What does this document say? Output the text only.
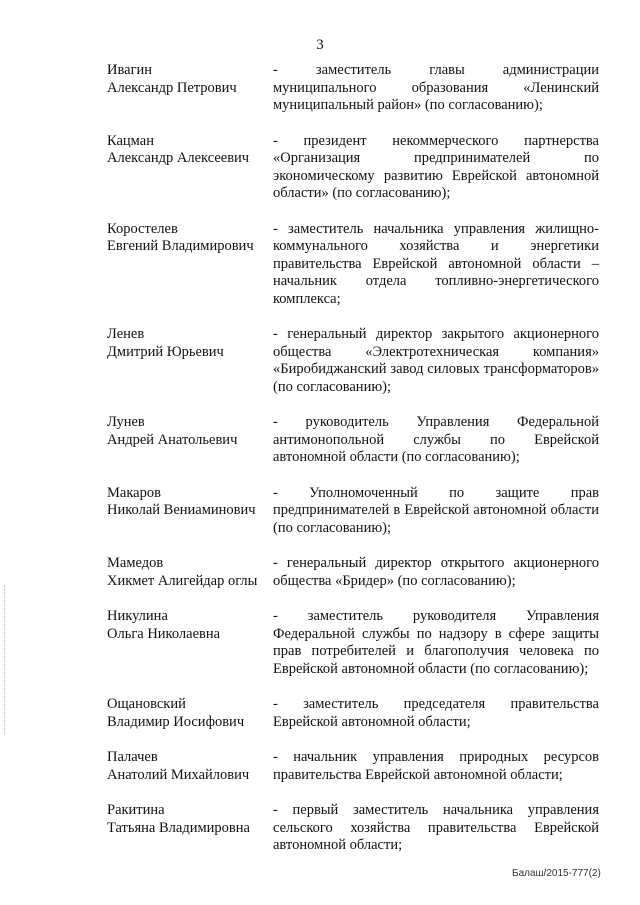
3
Ивагин
Александр Петрович
- заместитель главы администрации муниципального образования «Ленинский муниципальный район» (по согласованию);
Кацман
Александр Алексеевич
- президент некоммерческого партнерства «Организация предпринимателей по экономическому развитию Еврейской автономной области» (по согласованию);
Коростелев
Евгений Владимирович
- заместитель начальника управления жилищно-коммунального хозяйства и энергетики правительства Еврейской автономной области – начальник отдела топливно-энергетического комплекса;
Ленев
Дмитрий Юрьевич
- генеральный директор закрытого акционерного общества «Электротехническая компания» «Биробиджанский завод силовых трансформаторов» (по согласованию);
Лунев
Андрей Анатольевич
- руководитель Управления Федеральной антимонопольной службы по Еврейской автономной области (по согласованию);
Макаров
Николай Вениаминович
- Уполномоченный по защите прав предпринимателей в Еврейской автономной области (по согласованию);
Мамедов
Хикмет Алигейдар оглы
- генеральный директор открытого акционерного общества «Бридер» (по согласованию);
Никулина
Ольга Николаевна
- заместитель руководителя Управления Федеральной службы по надзору в сфере защиты прав потребителей и благополучия человека по Еврейской автономной области (по согласованию);
Ощановский
Владимир Иосифович
- заместитель председателя правительства Еврейской автономной области;
Палачев
Анатолий Михайлович
- начальник управления природных ресурсов правительства Еврейской автономной области;
Ракитина
Татьяна Владимировна
- первый заместитель начальника управления сельского хозяйства правительства Еврейской автономной области;
Бaлaш/2015-777(2)
